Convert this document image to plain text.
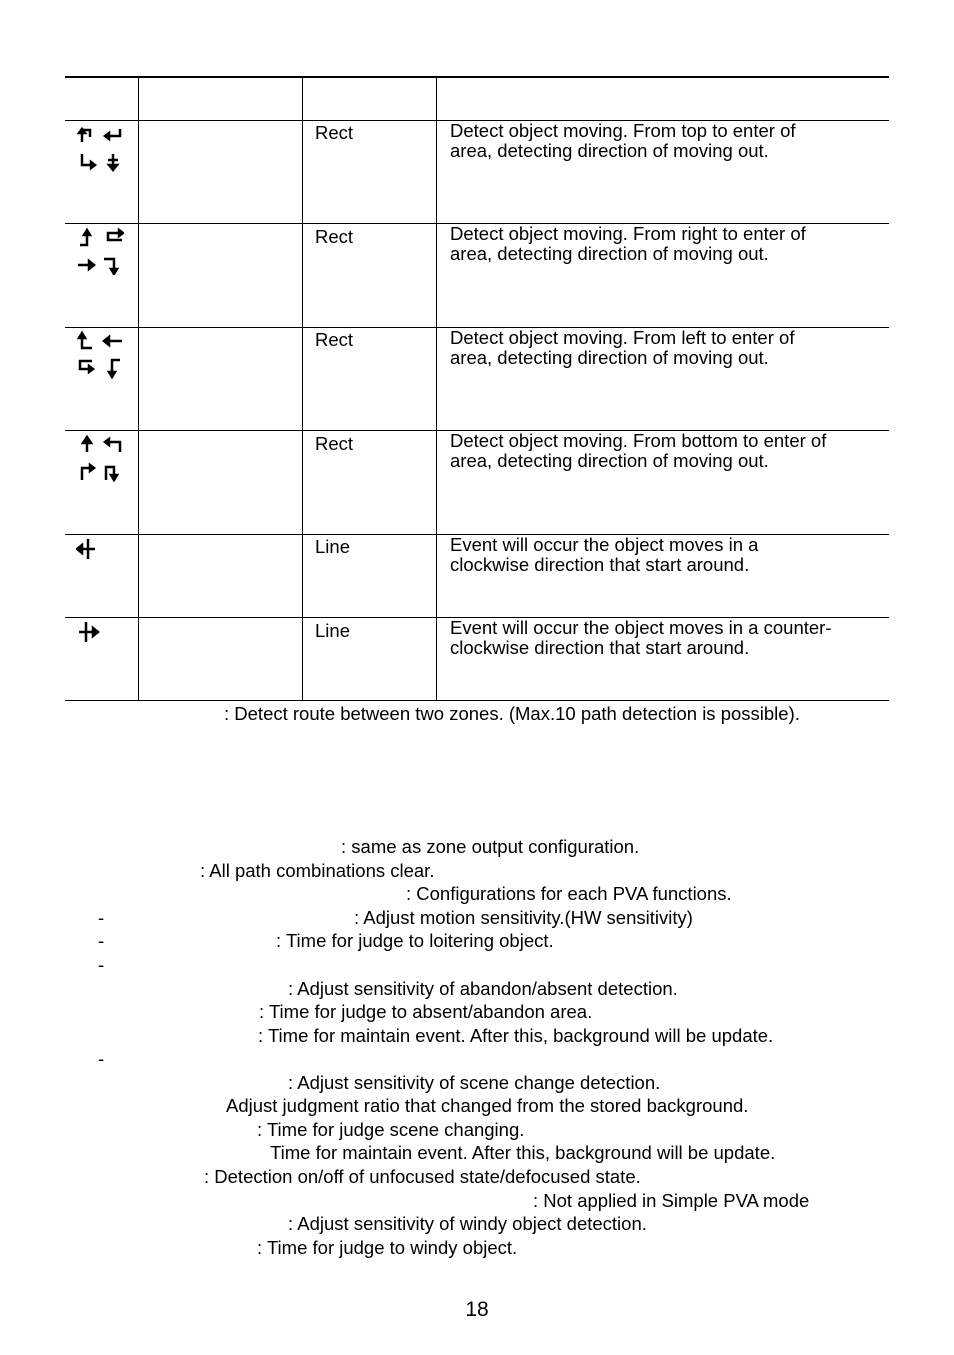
Rect	Detect object moving. From top to enter of
area, detecting direction of moving out.
Rect	Detect object moving. From right to enter of
area, detecting direction of moving out.
Rect	Detect object moving. From left to enter of
area, detecting direction of moving out.
Rect	Detect object moving. From bottom to enter of
area, detecting direction of moving out.
Line	Event will occur the object moves in a
clockwise direction that start around.
Line	Event will occur the object moves in a counter-
clockwise direction that start around.
: Detect route between two zones. (Max.10 path detection is possible).
: same as zone output configuration.
: All path combinations clear.
: Configurations for each PVA functions.
-	: Adjust motion sensitivity.(HW sensitivity)
-	: Time for judge to loitering object.
-
: Adjust sensitivity of abandon/absent detection.
: Time for judge to absent/abandon area.
: Time for maintain event. After this, background will be update.
-
: Adjust sensitivity of scene change detection.
Adjust judgment ratio that changed from the stored background.
: Time for judge scene changing.
Time for maintain event. After this, background will be update.
: Detection on/off of unfocused state/defocused state.
: Not applied in Simple PVA mode
: Adjust sensitivity of windy object detection.
: Time for judge to windy object.
18
